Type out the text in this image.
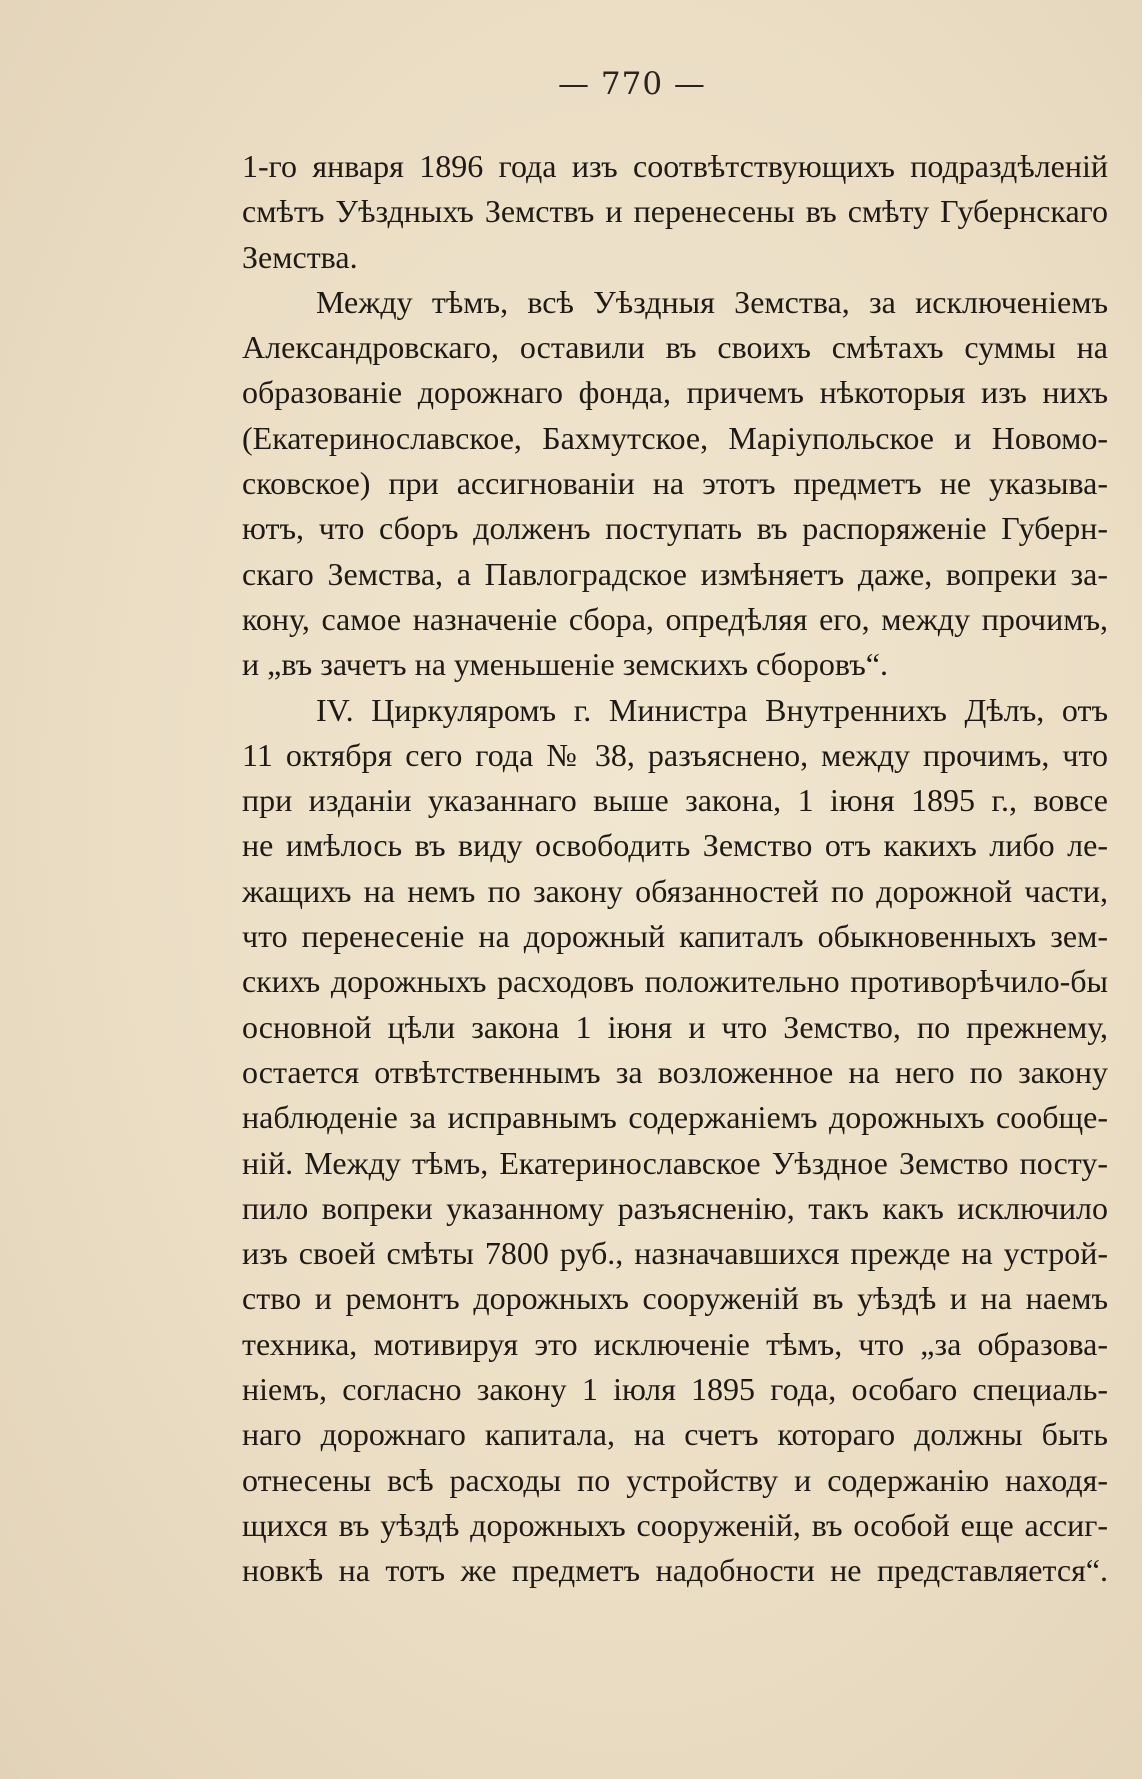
— 770 —
1-го января 1896 года изъ соотвѣтствующихъ подраздѣленій
смѣтъ Уѣздныхъ Земствъ и перенесены въ смѣту Губернскаго
Земства.
Между тѣмъ, всѣ Уѣздныя Земства, за исключеніемъ
Александровскаго, оставили въ своихъ смѣтахъ суммы на
образованіе дорожнаго фонда, причемъ нѣкоторыя изъ нихъ
(Екатеринославское, Бахмутское, Маріупольское и Новомо-
сковское) при ассигнованіи на этотъ предметъ не указыва-
ютъ, что сборъ долженъ поступать въ распоряженіе Губерн-
скаго Земства, а Павлоградское измѣняетъ даже, вопреки за-
кону, самое назначеніе сбора, опредѣляя его, между прочимъ,
и „въ зачетъ на уменьшеніе земскихъ сборовъ“.
IV. Циркуляромъ г. Министра Внутреннихъ Дѣлъ, отъ
11 октября сего года № 38, разъяснено, между прочимъ, что
при изданіи указаннаго выше закона, 1 іюня 1895 г., вовсе
не имѣлось въ виду освободить Земство отъ какихъ либо ле-
жащихъ на немъ по закону обязанностей по дорожной части,
что перенесеніе на дорожный капиталъ обыкновенныхъ зем-
скихъ дорожныхъ расходовъ положительно противорѣчило-бы
основной цѣли закона 1 іюня и что Земство, по прежнему,
остается отвѣтственнымъ за возложенное на него по закону
наблюденіе за исправнымъ содержаніемъ дорожныхъ сообще-
ній. Между тѣмъ, Екатеринославское Уѣздное Земство посту-
пило вопреки указанному разъясненію, такъ какъ исключило
изъ своей смѣты 7800 руб., назначавшихся прежде на устрой-
ство и ремонтъ дорожныхъ сооруженій въ уѣздѣ и на наемъ
техника, мотивируя это исключеніе тѣмъ, что „за образова-
ніемъ, согласно закону 1 іюля 1895 года, особаго специаль-
наго дорожнаго капитала, на счетъ котораго должны быть
отнесены всѣ расходы по устройству и содержанію находя-
щихся въ уѣздѣ дорожныхъ сооруженій, въ особой еще ассиг-
новкѣ на тотъ же предметъ надобности не представляется“.
